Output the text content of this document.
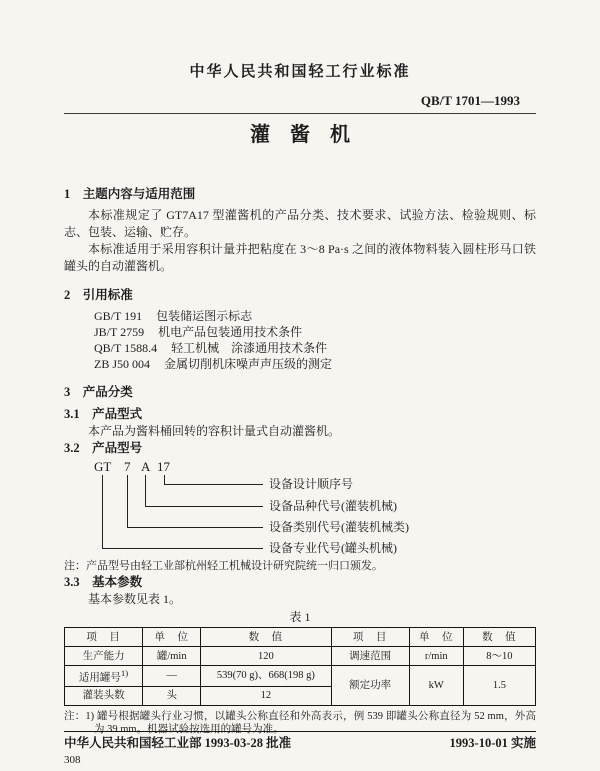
中华人民共和国轻工行业标准
QB/T 1701—1993
灌　酱　机
1　主题内容与适用范围

本标准规定了 GT7A17 型灌酱机的产品分类、技术要求、试验方法、检验规则、标志、包装、运输、贮存。

本标准适用于采用容积计量并把粘度在 3～8 Pa·s 之间的液体物料装入圆柱形马口铁罐头的自动灌酱机。

2　引用标准
GB/T 191 包装储运图示标志
JB/T 2759 机电产品包装通用技术条件
QB/T 1588.4 轻工机械　涂漆通用技术条件
ZB J50 004 金属切削机床噪声声压级的测定
3　产品分类
3.1　产品型式

本产品为酱料桶回转的容积计量式自动灌酱机。

3.2　产品型号
GT 7 A 17
设备设计顺序号
设备品种代号(灌装机械)
设备类别代号(灌装机械类)
设备专业代号(罐头机械)

注：产品型号由轻工业部杭州轻工机械设计研究院统一归口颁发。

3.3　基本参数

基本参数见表 1。

表 1
项　目	单　位	数　值	项　目	单　位	数　值
生产能力	罐/min	120	调速范围	r/min	8～10
适用罐号$^{1)}$	—	539(70 g)、668(198 g)	额定功率	kW	1.5
灌装头数	头	12			

注：1) 罐号根据罐头行业习惯，以罐头公称直径和外高表示，例 539 即罐头公称直径为 52 mm，外高为 39 mm。机器试验按选用的罐号为准。

中华人民共和国轻工业部 1993-03-28 批准	1993-10-01 实施
308
